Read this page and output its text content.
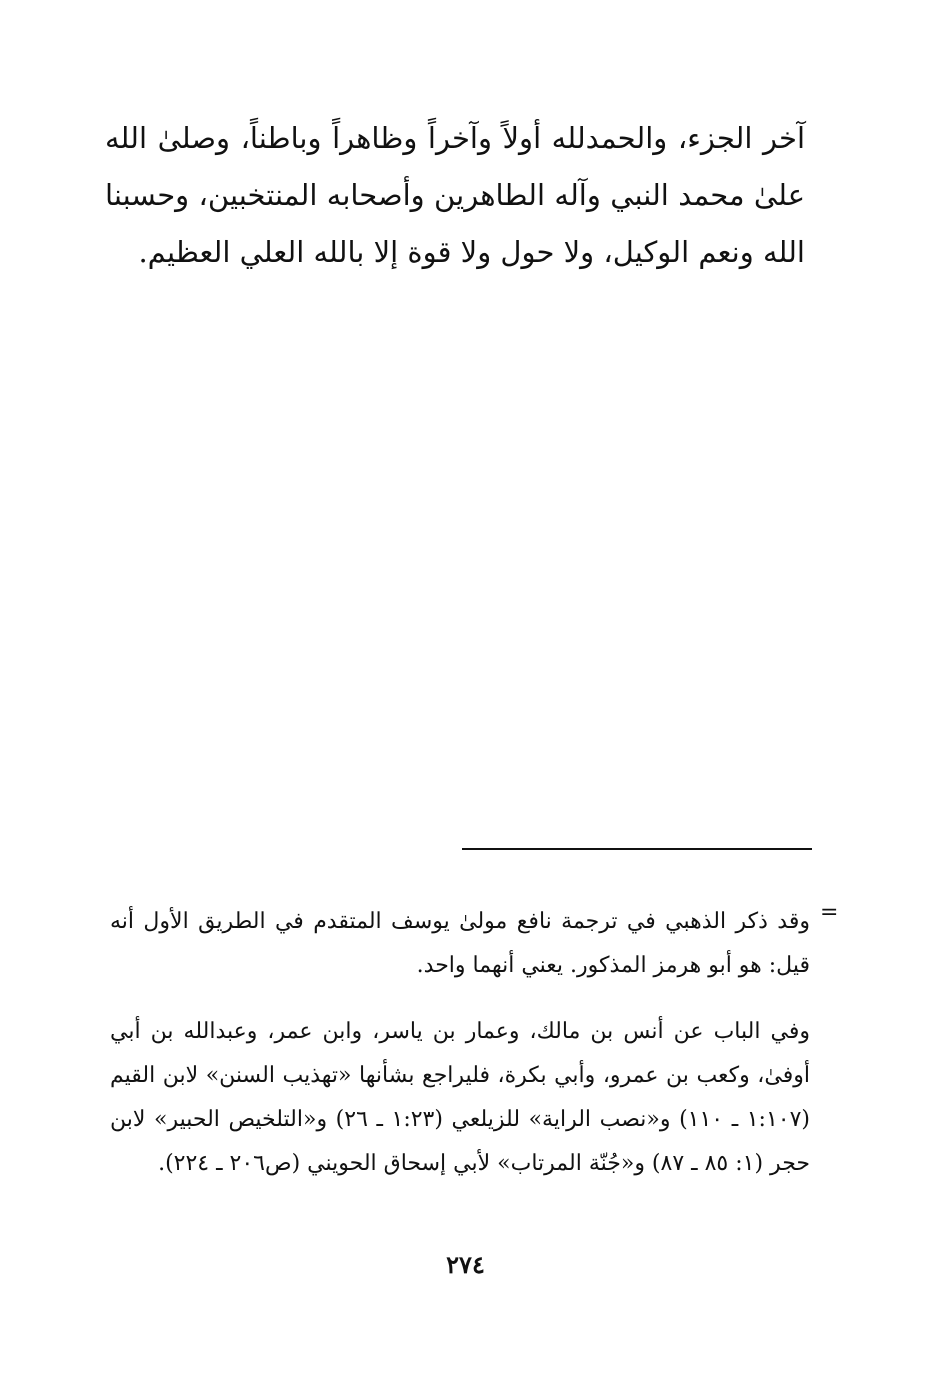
آخر الجزء، والحمدلله أولاً وآخراً وظاهراً وباطناً، وصلىٰ الله علىٰ محمد النبي وآله الطاهرين وأصحابه المنتخبين، وحسبنا الله ونعم الوكيل، ولا حول ولا قوة إلا بالله العلي العظيم.

=

وقد ذكر الذهبي في ترجمة نافع مولىٰ يوسف المتقدم في الطريق الأول أنه قيل: هو أبو هرمز المذكور. يعني أنهما واحد.

وفي الباب عن أنس بن مالك، وعمار بن ياسر، وابن عمر، وعبدالله بن أبي أوفىٰ، وكعب بن عمرو، وأبي بكرة، فليراجع بشأنها «تهذيب السنن» لابن القيم (١:١٠٧ ـ ١١٠) و«نصب الراية» للزيلعي (١:٢٣ ـ ٢٦) و«التلخيص الحبير» لابن حجر (١: ٨٥ ـ ٨٧) و«جُنّة المرتاب» لأبي إسحاق الحويني (ص٢٠٦ ـ ٢٢٤).

٢٧٤
